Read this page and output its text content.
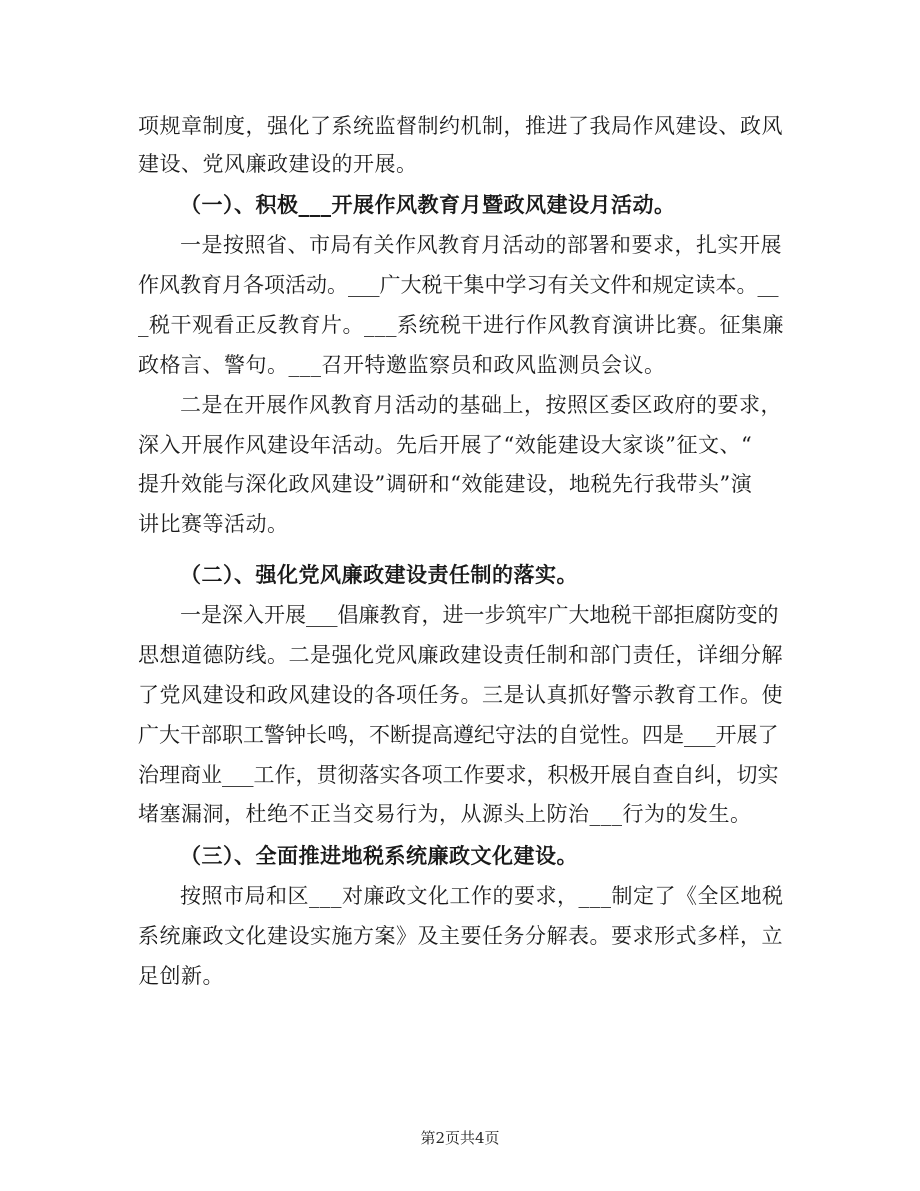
项规章制度，强化了系统监督制约机制，推进了我局作风建设、政风
建设、党风廉政建设的开展。
（一）、积极___开展作风教育月暨政风建设月活动。
一是按照省、市局有关作风教育月活动的部署和要求，扎实开展
作风教育月各项活动。___广大税干集中学习有关文件和规定读本。__
_税干观看正反教育片。___系统税干进行作风教育演讲比赛。征集廉
政格言、警句。___召开特邀监察员和政风监测员会议。
二是在开展作风教育月活动的基础上，按照区委区政府的要求，
深入开展作风建设年活动。先后开展了“效能建设大家谈”征文、“
提升效能与深化政风建设”调研和“效能建设，地税先行我带头”演
讲比赛等活动。
（二）、强化党风廉政建设责任制的落实。
一是深入开展___倡廉教育，进一步筑牢广大地税干部拒腐防变的
思想道德防线。二是强化党风廉政建设责任制和部门责任，详细分解
了党风建设和政风建设的各项任务。三是认真抓好警示教育工作。使
广大干部职工警钟长鸣，不断提高遵纪守法的自觉性。四是___开展了
治理商业___工作，贯彻落实各项工作要求，积极开展自查自纠，切实
堵塞漏洞，杜绝不正当交易行为，从源头上防治___行为的发生。
（三）、全面推进地税系统廉政文化建设。
按照市局和区___对廉政文化工作的要求，___制定了《全区地税
系统廉政文化建设实施方案》及主要任务分解表。要求形式多样，立
足创新。
第2页共4页
